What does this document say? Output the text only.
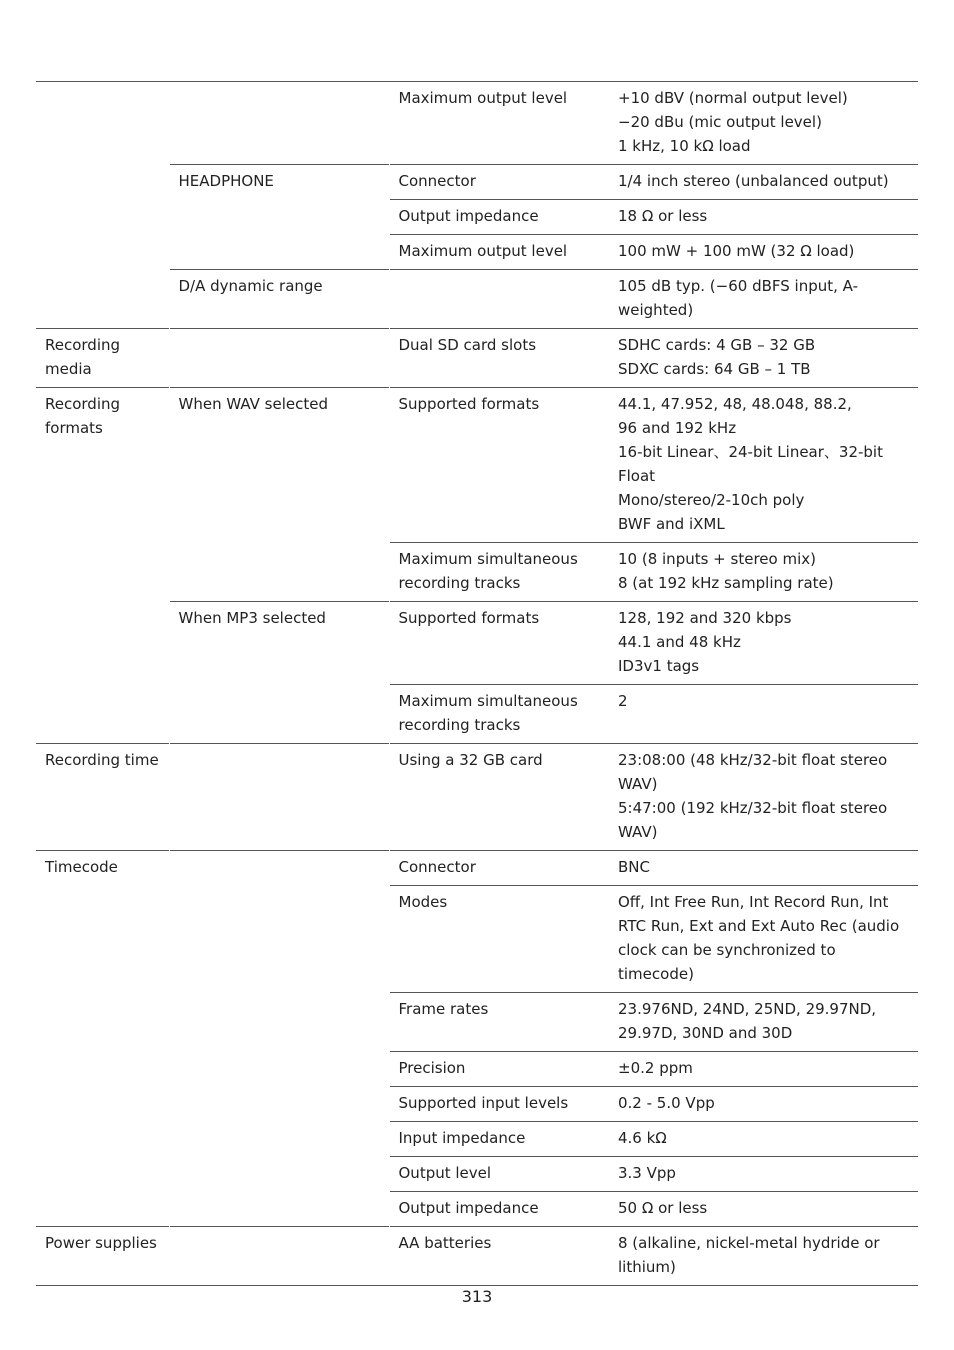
		Maximum output level	+10 dBV (normal output level)
−20 dBu (mic output level)
1 kHz, 10 kΩ load
	HEADPHONE	Connector	1/4 inch stereo (unbalanced output)
		Output impedance	18 Ω or less
		Maximum output level	100 mW + 100 mW (32 Ω load)
	D/A dynamic range		105 dB typ. (−60 dBFS input, A-weighted)
Recording media		Dual SD card slots	SDHC cards: 4 GB – 32 GB
SDXC cards: 64 GB – 1 TB
Recording formats	When WAV selected	Supported formats	44.1, 47.952, 48, 48.048, 88.2,
96 and 192 kHz
16-bit Linear、24-bit Linear、32-bit Float
Mono/stereo/2-10ch poly
BWF and iXML
		Maximum simultaneous recording tracks	10 (8 inputs + stereo mix)
8 (at 192 kHz sampling rate)
	When MP3 selected	Supported formats	128, 192 and 320 kbps
44.1 and 48 kHz
ID3v1 tags
		Maximum simultaneous recording tracks	2
Recording time		Using a 32 GB card	23:08:00 (48 kHz/32-bit float stereo WAV)
5:47:00 (192 kHz/32-bit float stereo WAV)
Timecode		Connector	BNC
		Modes	Off, Int Free Run, Int Record Run, Int RTC Run, Ext and Ext Auto Rec (audio clock can be synchronized to timecode)
		Frame rates	23.976ND, 24ND, 25ND, 29.97ND, 29.97D, 30ND and 30D
		Precision	±0.2 ppm
		Supported input levels	0.2 - 5.0 Vpp
		Input impedance	4.6 kΩ
		Output level	3.3 Vpp
		Output impedance	50 Ω or less
Power supplies		AA batteries	8 (alkaline, nickel-metal hydride or lithium)
313
